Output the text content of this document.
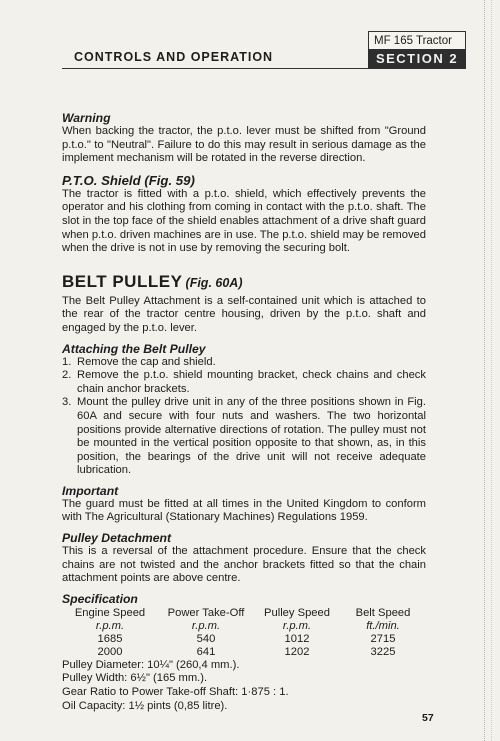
CONTROLS AND OPERATION
MF 165 Tractor
SECTION 2
Warning

When backing the tractor, the p.t.o. lever must be shifted from "Ground p.t.o." to "Neutral". Failure to do this may result in serious damage as the implement mechanism will be rotated in the reverse direction.

P.T.O. Shield (Fig. 59)

The tractor is fitted with a p.t.o. shield, which effectively prevents the operator and his clothing from coming in contact with the p.t.o. shaft. The slot in the top face of the shield enables attachment of a drive shaft guard when p.t.o. driven machines are in use. The p.t.o. shield may be removed when the drive is not in use by removing the securing bolt.

BELT PULLEY (Fig. 60A)

The Belt Pulley Attachment is a self-contained unit which is attached to the rear of the tractor centre housing, driven by the p.t.o. shaft and engaged by the p.t.o. lever.

Attaching the Belt Pulley
1. Remove the cap and shield.
2. Remove the p.t.o. shield mounting bracket, check chains and check chain anchor brackets.
3. Mount the pulley drive unit in any of the three positions shown in Fig. 60A and secure with four nuts and washers. The two horizontal positions provide alternative directions of rotation. The pulley must not be mounted in the vertical position opposite to that shown, as, in this position, the bearings of the drive unit will not receive adequate lubrication.
Important

The guard must be fitted at all times in the United Kingdom to conform with The Agricultural (Stationary Machines) Regulations 1959.

Pulley Detachment

This is a reversal of the attachment procedure. Ensure that the check chains are not twisted and the anchor brackets fitted so that the chain attachment points are above centre.

Specification
Engine Speed	Power Take-Off	Pulley Speed	Belt Speed
r.p.m.	r.p.m.	r.p.m.	ft./min.
1685	540	1012	2715
2000	641	1202	3225

Pulley Diameter: 10¼" (260,4 mm.).

Pulley Width: 6½" (165 mm.).

Gear Ratio to Power Take-off Shaft: 1·875 : 1.

Oil Capacity: 1½ pints (0,85 litre).

57
